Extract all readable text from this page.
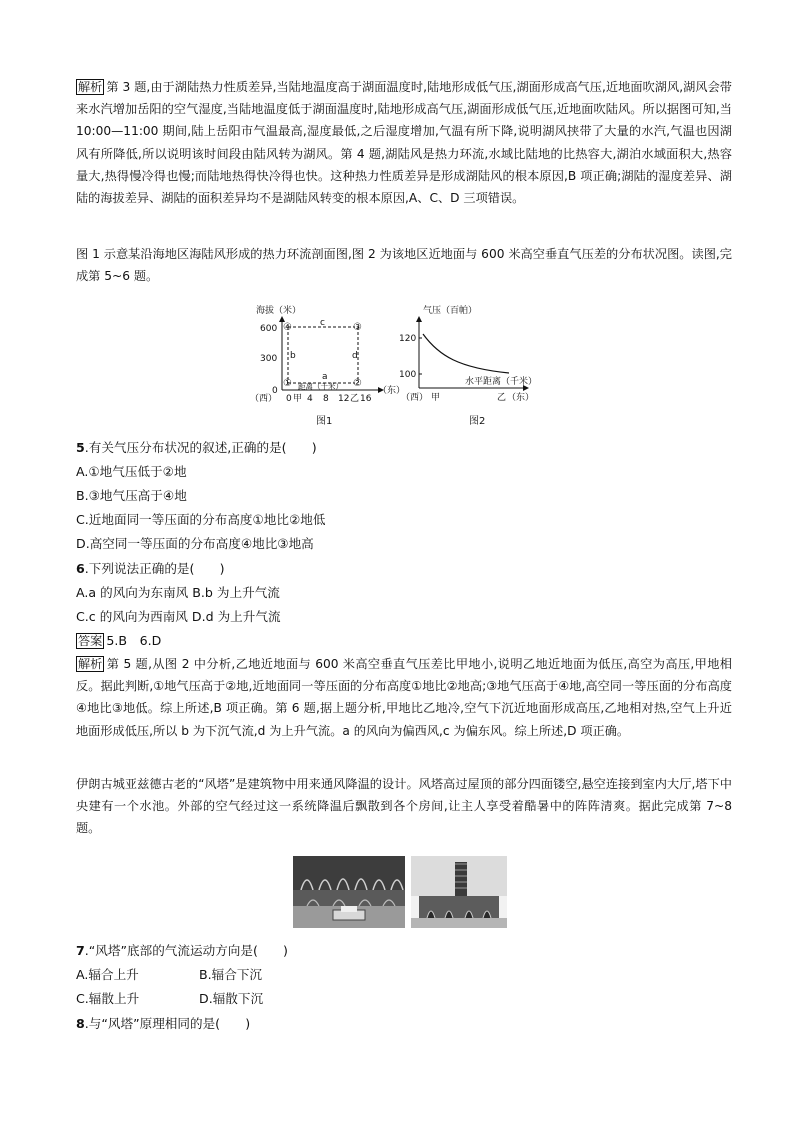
解析 第 3 题,由于湖陆热力性质差异,当陆地温度高于湖面温度时,陆地形成低气压,湖面形成高气压,近地面吹湖风,湖风会带来水汽增加岳阳的空气湿度,当陆地温度低于湖面温度时,陆地形成高气压,湖面形成低气压,近地面吹陆风。所以据图可知,当 10:00—11:00 期间,陆上岳阳市气温最高,湿度最低,之后湿度增加,气温有所下降,说明湖风挟带了大量的水汽,气温也因湖风有所降低,所以说明该时间段由陆风转为湖风。第 4 题,湖陆风是热力环流,水域比陆地的比热容大,湖泊水域面积大,热容量大,热得慢冷得也慢;而陆地热得快冷得也快。这种热力性质差异是形成湖陆风的根本原因,B 项正确;湖陆的湿度差异、湖陆的海拔差异、湖陆的面积差异均不是湖陆风转变的根本原因,A、C、D 三项错误。
图 1 示意某沿海地区海陆风形成的热力环流剖面图,图 2 为该地区近地面与 600 米高空垂直气压差的分布状况图。读图,完成第 5~6 题。
海拔（米）
600
300
0
④	③
①	②
c
b	d
a
距离（千米）
（西） 0 甲 4 8 12 乙 16
（东）
图1
气压（百帕）
120
100
水平距离（千米）
（西） 甲	乙 （东）
图2
5.有关气压分布状况的叙述,正确的是(　　)
A.①地气压低于②地
B.③地气压高于④地
C.近地面同一等压面的分布高度①地比②地低
D.高空同一等压面的分布高度④地比③地高
6.下列说法正确的是(　　)
A.a 的风向为东南风 B.b 为上升气流
C.c 的风向为西南风 D.d 为上升气流
答案 5.B　6.D
解析 第 5 题,从图 2 中分析,乙地近地面与 600 米高空垂直气压差比甲地小,说明乙地近地面为低压,高空为高压,甲地相反。据此判断,①地气压高于②地,近地面同一等压面的分布高度①地比②地高;③地气压高于④地,高空同一等压面的分布高度④地比③地低。综上所述,B 项正确。第 6 题,据上题分析,甲地比乙地冷,空气下沉近地面形成高压,乙地相对热,空气上升近地面形成低压,所以 b 为下沉气流,d 为上升气流。a 的风向为偏西风,c 为偏东风。综上所述,D 项正确。
伊朗古城亚兹德古老的“风塔”是建筑物中用来通风降温的设计。风塔高过屋顶的部分四面镂空,悬空连接到室内大厅,塔下中央建有一个水池。外部的空气经过这一系统降温后飘散到各个房间,让主人享受着酷暑中的阵阵清爽。据此完成第 7~8 题。
7.“风塔”底部的气流运动方向是(　　)
A.辐合上升	B.辐合下沉
C.辐散上升	D.辐散下沉
8.与“风塔”原理相同的是(　　)
